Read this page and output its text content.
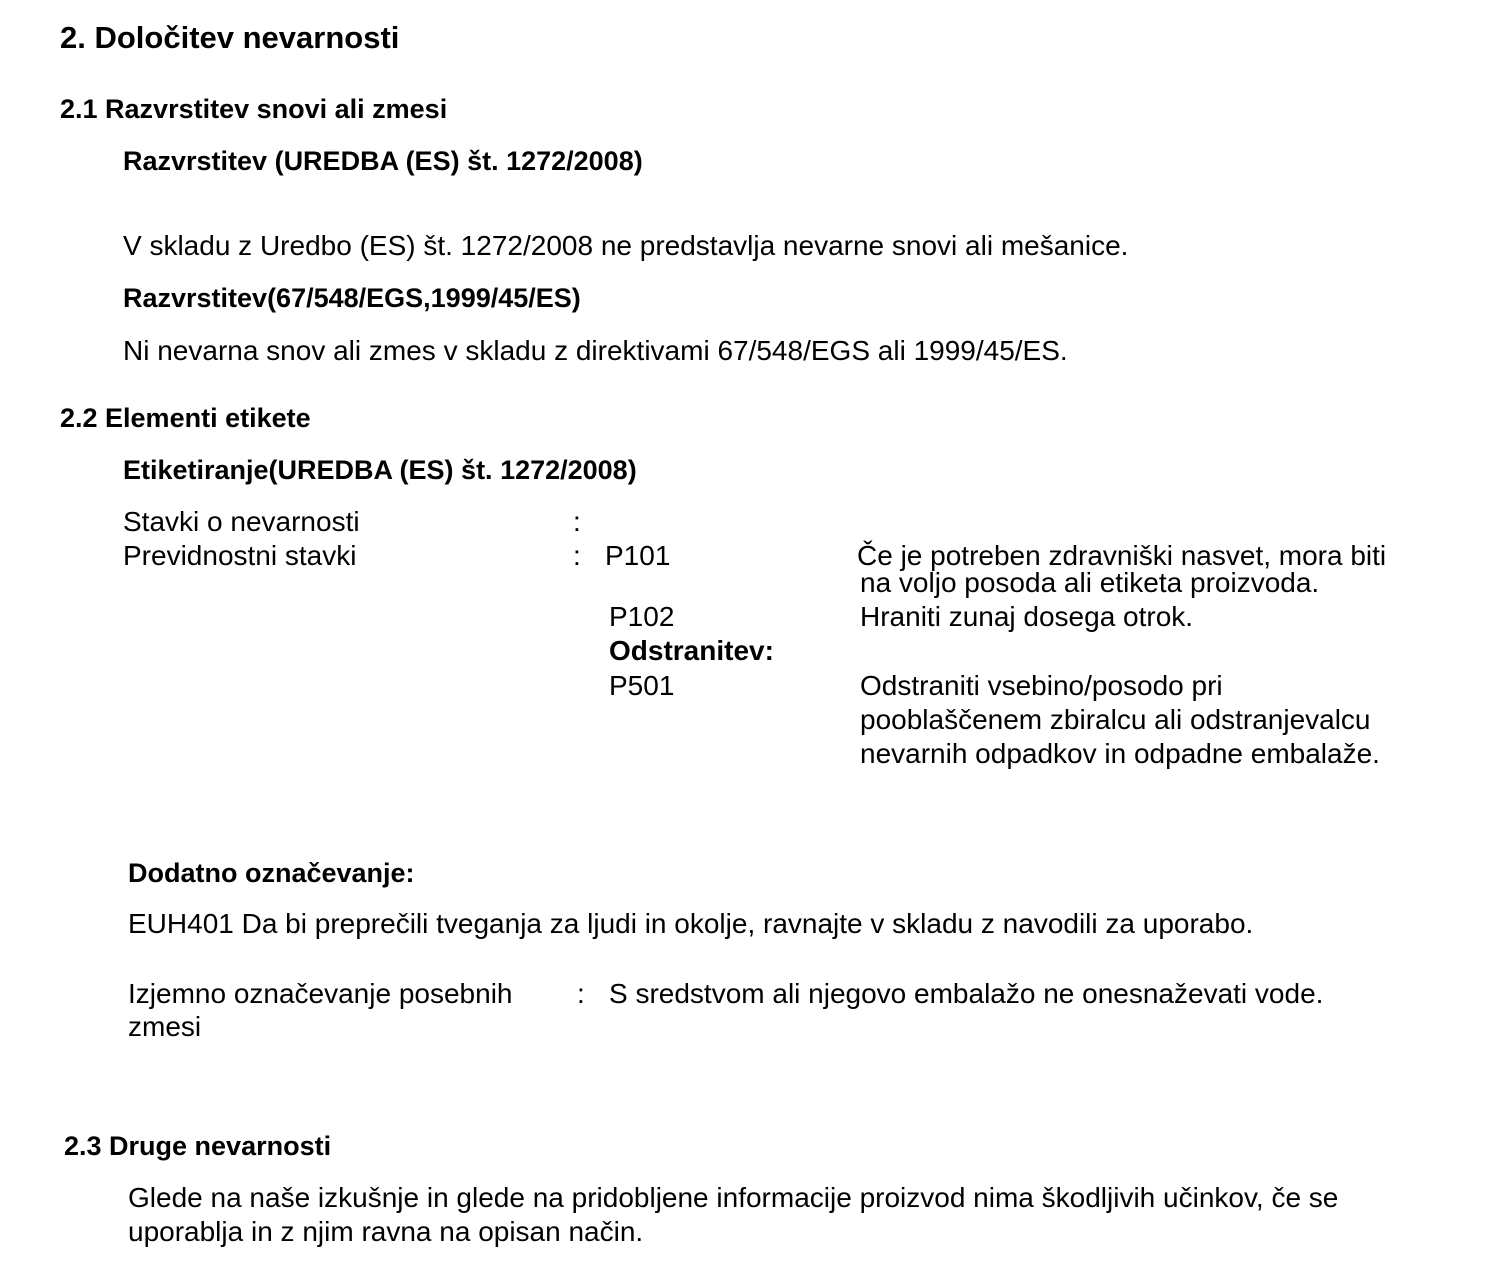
2. Določitev nevarnosti
2.1 Razvrstitev snovi ali zmesi
Razvrstitev (UREDBA (ES) št. 1272/2008)
V skladu z Uredbo (ES) št. 1272/2008 ne predstavlja nevarne snovi ali mešanice.
Razvrstitev(67/548/EGS,1999/45/ES)
Ni nevarna snov ali zmes v skladu z direktivami 67/548/EGS ali 1999/45/ES.
2.2 Elementi etikete
Etiketiranje(UREDBA (ES) št. 1272/2008)
Stavki o nevarnosti	:
Previdnostni stavki	: P101	Če je potreben zdravniški nasvet, mora biti
na voljo posoda ali etiketa proizvoda.
P102	Hraniti zunaj dosega otrok.
Odstranitev:
P501	Odstraniti vsebino/posodo pri
pooblaščenem zbiralcu ali odstranjevalcu
nevarnih odpadkov in odpadne embalaže.
Dodatno označevanje:
EUH401 Da bi preprečili tveganja za ljudi in okolje, ravnajte v skladu z navodili za uporabo.
Izjemno označevanje posebnih
zmesi
: S sredstvom ali njegovo embalažo ne onesnaževati vode.
2.3 Druge nevarnosti
Glede na naše izkušnje in glede na pridobljene informacije proizvod nima škodljivih učinkov, če se
uporablja in z njim ravna na opisan način.
